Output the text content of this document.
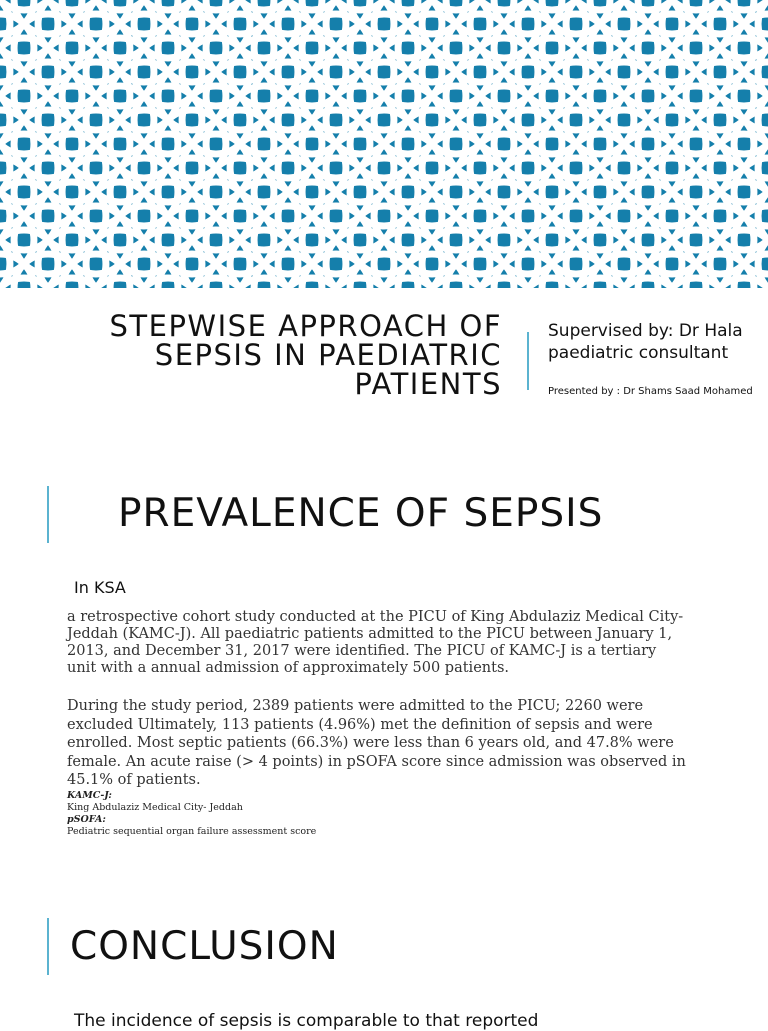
STEPWISE APPROACH OF
SEPSIS IN PAEDIATRIC
PATIENTS
Supervised by: Dr Hala paediatric consultant
Presented by : Dr Shams Saad Mohamed
PREVALENCE OF SEPSIS
In KSA
a retrospective cohort study conducted at the PICU of King Abdulaziz Medical City-Jeddah (KAMC-J). All paediatric patients admitted to the PICU between January 1, 2013, and December 31, 2017 were identified. The PICU of KAMC-J is a tertiary unit with a annual admission of approximately 500 patients.
During the study period, 2389 patients were admitted to the PICU; 2260 were excluded Ultimately, 113 patients (4.96%) met the definition of sepsis and were enrolled. Most septic patients (66.3%) were less than 6 years old, and 47.8% were female. An acute raise (> 4 points) in pSOFA score since admission was observed in 45.1% of patients.
KAMC-J:
King Abdulaziz Medical City- Jeddah
pSOFA:
Pediatric sequential organ failure assessment score
CONCLUSION
The incidence of sepsis is comparable to that reported
